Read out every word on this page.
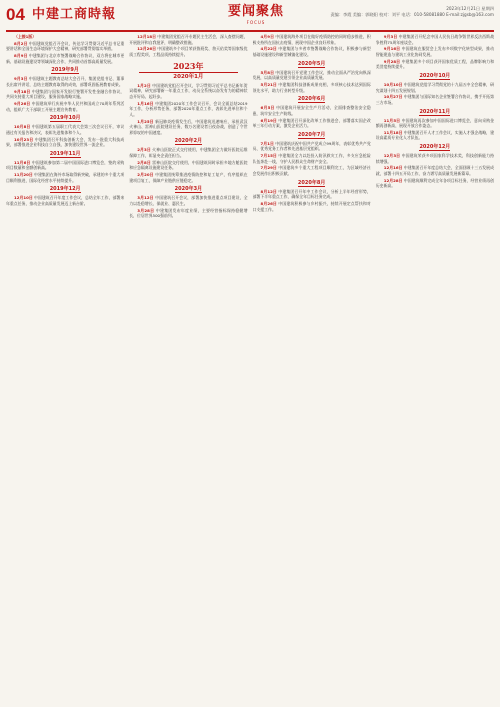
04 中建工商時報	要闻聚焦
FOCUS
2023年12月21日 星期四
责编：李霞 美编：郭晓阳 校对：刘平 电话：010-58081880 E-mail:zjgsb@163.com

（上接1版）

8月2日 中国建筑党组召开会议，传达学习贯彻习近平总书记重要讲话和全国生态环境保护大会精神，研究部署贯彻落实举措。

8月9日 中建集团与北京市签署战略合作协议，双方将在城市更新、基础设施建设等领域深化合作，共同推动首都高质量发展。

2019年9月

9月3日 中国建筑主题教育总结大会召开，集团党组书记、董事长出席并讲话，总结主题教育取得的成效，部署巩固拓展教育成果。

9月18日 中建集团与国家开发银行签署开发性金融合作协议，共同支持重大项目建设，服务国家战略实施。

9月26日 中国建筑举行庆祝中华人民共和国成立70周年系列活动，组织广大干部职工开展主题宣传教育。

2019年10月

10月8日 中国建筑第五届职工代表大会第三次会议召开，审议通过有关报告和决议，表彰先进集体和个人。

10月23日 中建集团召开科技创新大会，发布一批重大科技成果，部署推进企业科技自立自强，加快建设世界一流企业。

2019年11月

11月6日 中国建筑参加第二届中国国际进口博览会，签约采购项目数量和金额创新高。

11月20日 中建集团在海外市场取得新突破，承建的多个重大项目顺利推进，国际化经营水平持续提升。

2019年12月

12月10日 中国建筑召开年度工作会议，总结全年工作，部署来年重点任务，推动企业高质量发展迈上新台阶。

12月18日 中建集团党组召开专题民主生活会，深入查摆问题，开展批评和自我批评，明确整改措施。

12月26日 中国建筑多个项目荣获鲁班奖、詹天佑奖等国家级优质工程奖项，工程品质持续提升。

2023年
2020年1月

1月2日 中国建筑党组召开会议，学习贯彻习近平总书记新年贺词精神，研究部署新一年重点工作，动员全系统以奋发有为的精神状态开好局、起好步。

1月16日 中建集团2020年工作会议召开，会议全面总结2019年工作，分析形势任务，部署2020年重点工作，表彰先进单位和个人。

1月25日 新冠肺炎疫情发生后，中国建筑迅速响应，承担武汉火神山、雷神山医院建设任务，数万名建设者日夜奋战，创造了令世界惊叹的中国速度。

2020年2月

2月3日 火神山医院正式交付使用，中建集团全力做好医院运维保障工作，彰显央企责任担当。

2月8日 雷神山医院交付使用，中国建筑同时承担多地方舱医院和应急隔离设施建设任务。

2月20日 中建集团统筹推进疫情防控和复工复产，有序组织在建项目复工，保障产业链供应链稳定。

2020年3月

3月12日 中国建筑召开会议，部署加快推进重点项目建设，全力以赴稳增长、保就业、惠民生。

3月28日 中建集团发布年度业绩，主要经营指标保持稳健增长，位居世界500强前列。

4月9日 中国建筑海外项目在做好疫情防控的同时稳步推进，积极支持所在国抗击疫情，展现中国企业良好形象。

4月22日 中建集团与多省市签署战略合作协议，积极参与新型基础设施建设和新型城镇化建设。

2020年5月

5月8日 中国建筑召开党建工作会议，推动全面从严治党向纵深发展，以高质量党建引领企业高质量发展。

5月21日 中建集团科技创新成果亮相，多项核心技术达到国际领先水平，助力行业转型升级。

2020年6月

6月5日 中国建筑开展安全生产月活动，全面排查整治安全隐患，筑牢安全生产防线。

6月19日 中建集团召开深化改革工作推进会，部署落实国企改革三年行动方案，激发企业活力。

2020年7月

7月1日 中国建筑庆祝中国共产党成立99周年，表彰优秀共产党员、优秀党务工作者和先进基层党组织。

7月15日 中建集团全力以赴投入防汛救灾工作，多支应急抢险队伍奔赴一线，守护人民群众生命财产安全。

7月29日 中国建筑多个重大工程项目顺利完工，为区域经济社会发展作出积极贡献。

2020年8月

8月12日 中建集团召开年中工作会议，分析上半年经营形势，部署下半年重点工作，确保全年目标任务完成。

8月26日 中国建筑积极参与乡村振兴，持续开展定点帮扶和对口支援工作。

9月3日 中建集团召开纪念中国人民抗日战争暨世界反法西斯战争胜利75周年座谈会。

9月16日 中国建筑在服贸会上发布多项数字化转型成果，推动智能建造与建筑工业化协同发展。

9月28日 中建集团多个项目获评国家优质工程，品牌影响力和美誉度持续提升。

2020年10月

10月10日 中国建筑党组学习贯彻党的十九届五中全会精神，研究谋划十四五发展规划。

10月27日 中建集团与国际知名企业签署合作协议，携手开拓第三方市场。

2020年11月

11月5日 中国建筑再次参加中国国际进口博览会，意向采购金额再创新高，展现开放合作姿态。

11月18日 中建集团召开人才工作会议，实施人才强企战略，建设高素质专业化人才队伍。

2020年12月

12月3日 中国建筑荣获多项国家科学技术奖，科技创新能力持续增强。

12月16日 中建集团召开年度总结大会，全面回顾十三五发展成就，部署十四五开局工作，奋力谱写高质量发展新篇章。

12月28日 中国建筑顺利完成全年各项目标任务，经营业绩再创历史新高。
